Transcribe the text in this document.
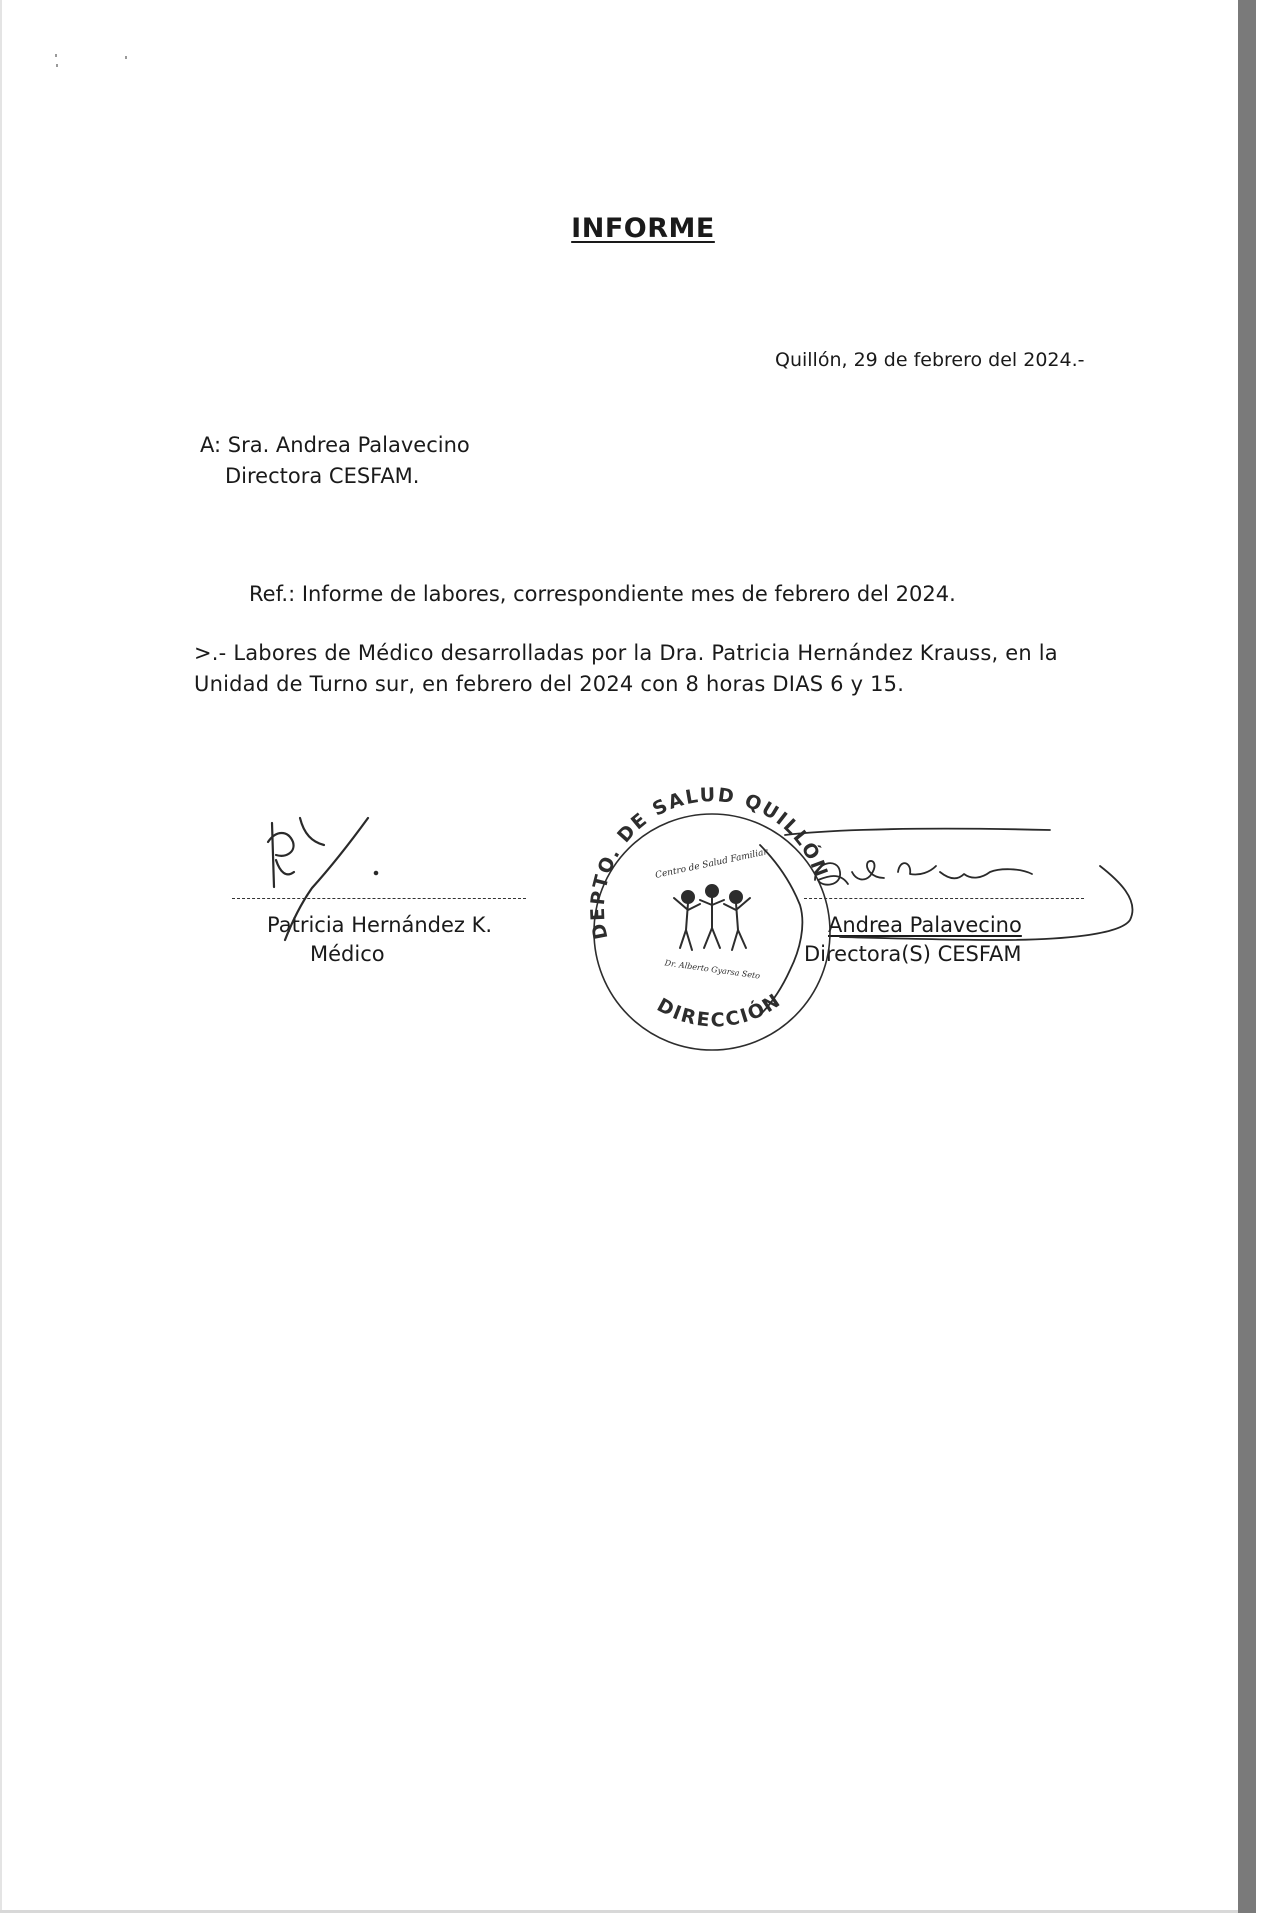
INFORME
Quillón, 29 de febrero del 2024.-
A: Sra. Andrea Palavecino
Directora CESFAM.
Ref.: Informe de labores, correspondiente mes de febrero del 2024.
>.- Labores de Médico desarrolladas por la Dra. Patricia Hernández Krauss, en la
Unidad de Turno sur, en febrero del 2024 con 8 horas DIAS 6 y 15.
Patricia Hernández K.
Médico
Andrea Palavecino
Directora(S) CESFAM
DEPTO. DE SALUD QUILLÓN
DIRECCIÓN
Centro de Salud Familiar
Dr. Alberto Gyarsa Seto
